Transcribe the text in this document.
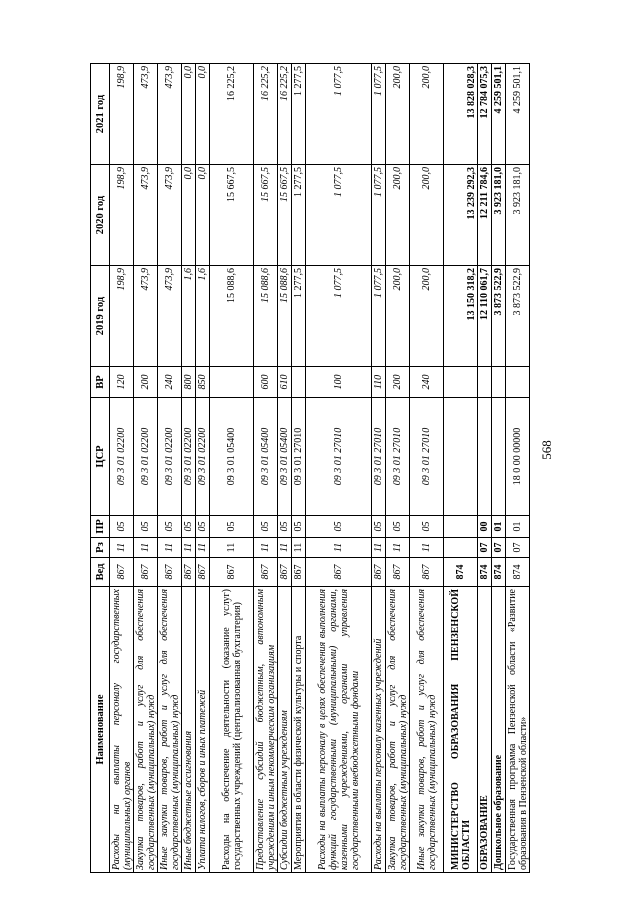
568
Наименование	Вед	Рз	ПР	ЦСР	ВР	2019 год	2020 год	2021 год
Расходы на выплаты персоналу государственных (муниципальных) органов	867	11	05	09 3 01 02200	120	198,9	198,9	198,9
Закупка товаров, работ и услуг для обеспечения государственных (муниципальных) нужд	867	11	05	09 3 01 02200	200	473,9	473,9	473,9
Иные закупки товаров, работ и услуг для обеспечения государственных (муниципальных) нужд	867	11	05	09 3 01 02200	240	473,9	473,9	473,9
Иные бюджетные ассигнования	867	11	05	09 3 01 02200	800	1,6	0,0	0,0
Уплата налогов, сборов и иных платежей	867	11	05	09 3 01 02200	850	1,6	0,0	0,0
Расходы на обеспечение деятельности (оказание услуг) государственных учреждений (централизованная бухгалтерия)	867	11	05	09 3 01 05400		15 088,6	15 667,5	16 225,2
Предоставление субсидий бюджетным, автономным учреждениям и иным некоммерческим организациям	867	11	05	09 3 01 05400	600	15 088,6	15 667,5	16 225,2
Субсидии бюджетным учреждениям	867	11	05	09 3 01 05400	610	15 088,6	15 667,5	16 225,2
Мероприятия в области физической культуры и спорта	867	11	05	09 3 01 27010		1 277,5	1 277,5	1 277,5
Расходы на выплаты персоналу в целях обеспечения выполнения функций государственными (муниципальными) органами, казенными учреждениями, органами управления государственными внебюджетными фондами	867	11	05	09 3 01 27010	100	1 077,5	1 077,5	1 077,5
Расходы на выплаты персоналу казенных учреждений	867	11	05	09 3 01 27010	110	1 077,5	1 077,5	1 077,5
Закупка товаров, работ и услуг для обеспечения государственных (муниципальных) нужд	867	11	05	09 3 01 27010	200	200,0	200,0	200,0
Иные закупки товаров, работ и услуг для обеспечения государственных (муниципальных) нужд	867	11	05	09 3 01 27010	240	200,0	200,0	200,0
МИНИСТЕРСТВО ОБРАЗОВАНИЯ ПЕНЗЕНСКОЙ ОБЛАСТИ	874					13 150 318,2	13 239 292,3	13 828 028,3
ОБРАЗОВАНИЕ	874	07	00			12 110 061,7	12 211 784,6	12 784 075,3
Дошкольное образование	874	07	01			3 873 522,9	3 923 181,0	4 259 501,1
Государственная программа Пензенской области «Развитие образования в Пензенской области»	874	07	01	18 0 00 00000		3 873 522,9	3 923 181,0	4 259 501,1
